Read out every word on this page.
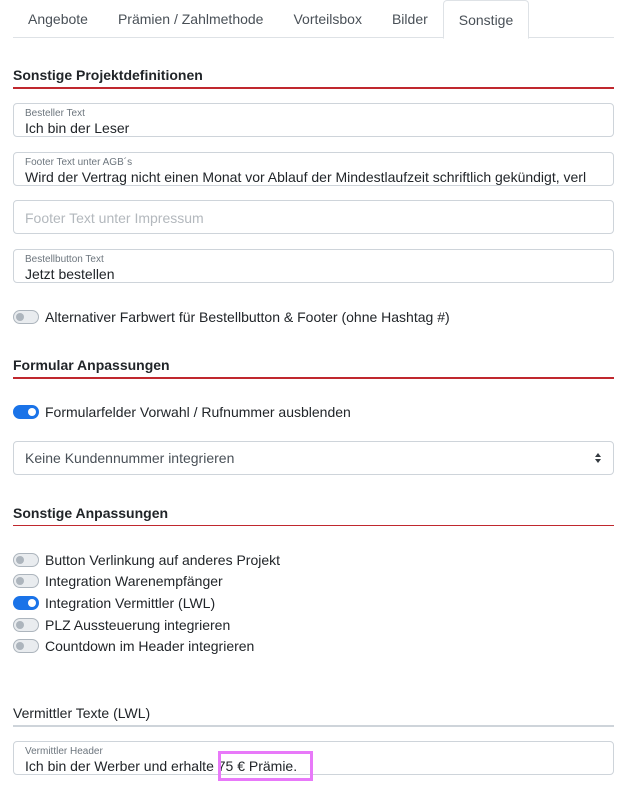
Angebote	Prämien / Zahlmethode	Vorteilsbox	Bilder	Sonstige
Sonstige Projektdefinitionen
Besteller Text
Ich bin der Leser
Footer Text unter AGB´s
Wird der Vertrag nicht einen Monat vor Ablauf der Mindestlaufzeit schriftlich gekündigt, verl
Footer Text unter Impressum
Bestellbutton Text
Jetzt bestellen
Alternativer Farbwert für Bestellbutton & Footer (ohne Hashtag #)
Formular Anpassungen
Formularfelder Vorwahl / Rufnummer ausblenden
Keine Kundennummer integrieren
Sonstige Anpassungen
Button Verlinkung auf anderes Projekt
Integration Warenempfänger
Integration Vermittler (LWL)
PLZ Aussteuerung integrieren
Countdown im Header integrieren
Vermittler Texte (LWL)
Vermittler Header
Ich bin der Werber und erhalte 75 € Prämie.
